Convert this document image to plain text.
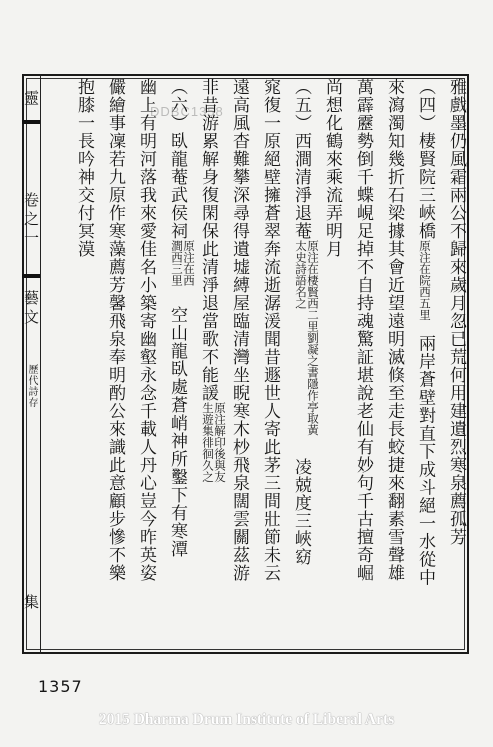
靈
卷之一
藝文
歷代詩存
集
DDBC1358	雅戲墨仍風霜兩公不歸來歲月忽已荒何用建遺烈寒泉薦孤芳
（四）棲賢院三峽橋原注在院西五里兩岸蒼壁對直下成斗絕一水從中
來瀉濁知幾折石梁據其會近望遠明滅倏至走長蛟捷來翻素雪聲雄
萬霹靂勢倒千蝶峴足掉不自持魂驚証堪說老仙有妙句千古擅奇崛
尚想化鶴來乘流弄明月
（五）西澗清淨退菴原注在棲賢西二里劉凝之書隱作亭取黃太史詩語名之凌兢度三峽窈
窕復一原絕壁擁蒼翠奔流逝潺湲聞昔遯世人寄此茅三間壯節未云
遠高風杳難攀深尋得遺墟縛屋臨清灣坐睨寒木杪飛泉闊雲關茲游
非昔游累解身復閑保此清淨退當歌不能諼原注解印後與友生遊集徘徊久之
（六）臥龍菴武侯祠原注在西澗西三里空山龍臥處蒼峭神所鑿下有寒潭
幽上有明河落我來愛佳名小築寄幽壑永念千載人丹心豈今昨英姿
儼繪事凜若九原作寒藻薦芳馨飛泉奉明酌公來識此意顧步慘不樂
抱膝一長吟神交付冥漠
1357
2015 Dharma Drum Institute of Liberal Arts
